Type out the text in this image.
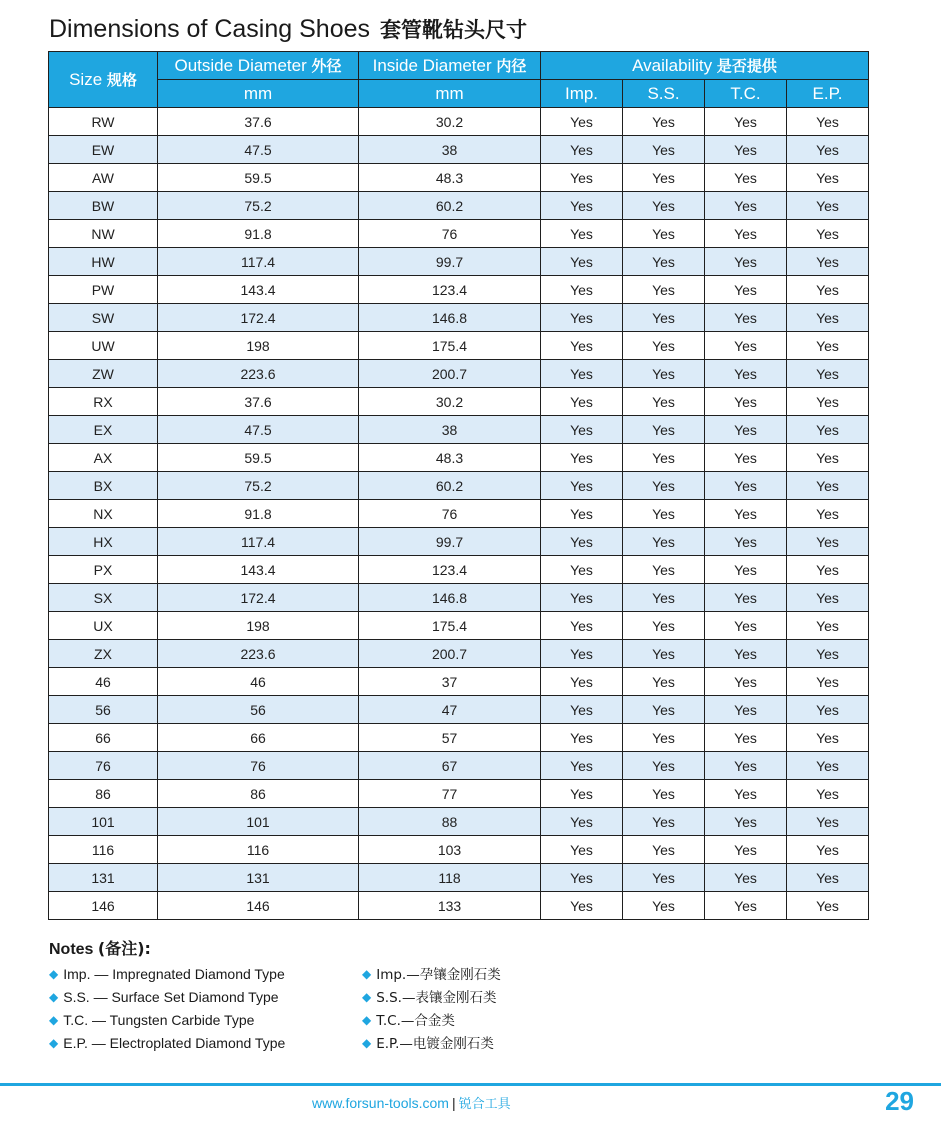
Dimensions of Casing Shoes 套管靴钻头尺寸
Size 规格	Outside Diameter 外径	Inside Diameter 内径	Availability 是否提供			
	mm	mm	Imp.	S.S.	T.C.	E.P.
RW	37.6	30.2	Yes	Yes	Yes	Yes
EW	47.5	38	Yes	Yes	Yes	Yes
AW	59.5	48.3	Yes	Yes	Yes	Yes
BW	75.2	60.2	Yes	Yes	Yes	Yes
NW	91.8	76	Yes	Yes	Yes	Yes
HW	117.4	99.7	Yes	Yes	Yes	Yes
PW	143.4	123.4	Yes	Yes	Yes	Yes
SW	172.4	146.8	Yes	Yes	Yes	Yes
UW	198	175.4	Yes	Yes	Yes	Yes
ZW	223.6	200.7	Yes	Yes	Yes	Yes
RX	37.6	30.2	Yes	Yes	Yes	Yes
EX	47.5	38	Yes	Yes	Yes	Yes
AX	59.5	48.3	Yes	Yes	Yes	Yes
BX	75.2	60.2	Yes	Yes	Yes	Yes
NX	91.8	76	Yes	Yes	Yes	Yes
HX	117.4	99.7	Yes	Yes	Yes	Yes
PX	143.4	123.4	Yes	Yes	Yes	Yes
SX	172.4	146.8	Yes	Yes	Yes	Yes
UX	198	175.4	Yes	Yes	Yes	Yes
ZX	223.6	200.7	Yes	Yes	Yes	Yes
46	46	37	Yes	Yes	Yes	Yes
56	56	47	Yes	Yes	Yes	Yes
66	66	57	Yes	Yes	Yes	Yes
76	76	67	Yes	Yes	Yes	Yes
86	86	77	Yes	Yes	Yes	Yes
101	101	88	Yes	Yes	Yes	Yes
116	116	103	Yes	Yes	Yes	Yes
131	131	118	Yes	Yes	Yes	Yes
146	146	133	Yes	Yes	Yes	Yes
Notes (备注):
◆ Imp. — Impregnated Diamond Type
◆ S.S. — Surface Set Diamond Type
◆ T.C. — Tungsten Carbide Type
◆ E.P. — Electroplated Diamond Type
◆ Imp.—孕镶金刚石类
◆ S.S.—表镶金刚石类
◆ T.C.—合金类
◆ E.P.—电镀金刚石类
www.forsun-tools.com | 锐合工具	29
